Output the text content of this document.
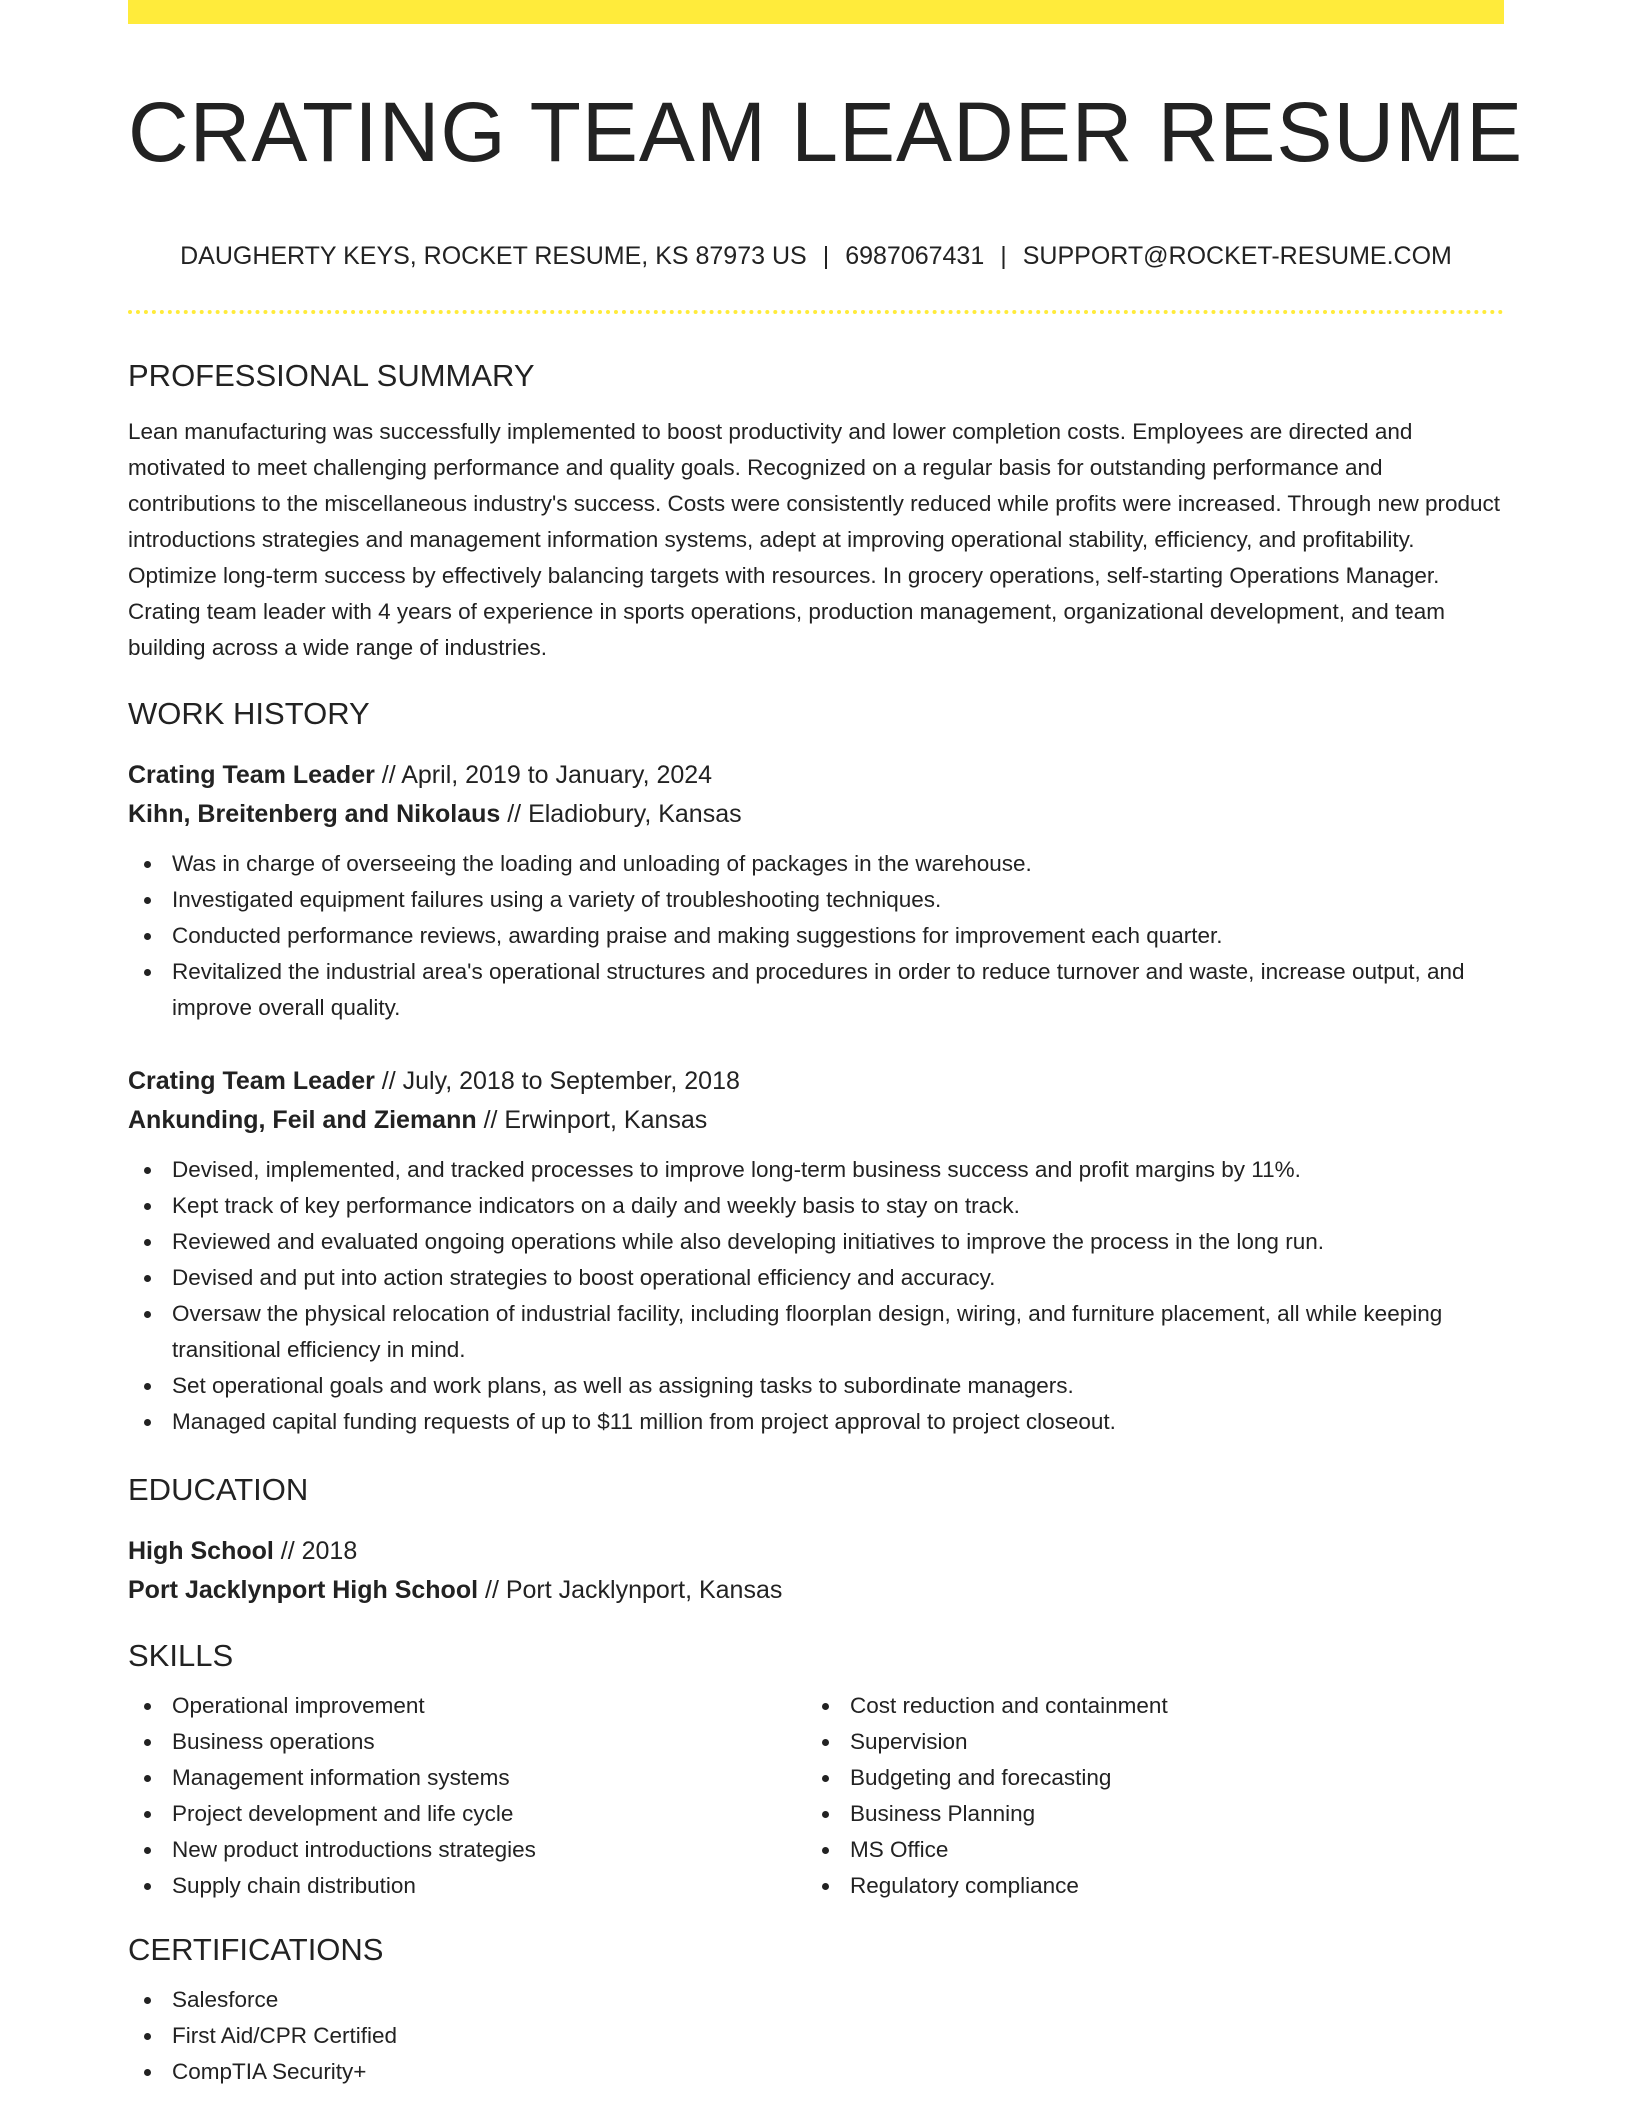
CRATING TEAM LEADER RESUME
DAUGHERTY KEYS, ROCKET RESUME, KS 87973 US | 6987067431 | SUPPORT@ROCKET-RESUME.COM
PROFESSIONAL SUMMARY

Lean manufacturing was successfully implemented to boost productivity and lower completion costs. Employees are directed and motivated to meet challenging performance and quality goals. Recognized on a regular basis for outstanding performance and contributions to the miscellaneous industry's success. Costs were consistently reduced while profits were increased. Through new product introductions strategies and management information systems, adept at improving operational stability, efficiency, and profitability. Optimize long-term success by effectively balancing targets with resources. In grocery operations, self-starting Operations Manager. Crating team leader with 4 years of experience in sports operations, production management, organizational development, and team building across a wide range of industries.

WORK HISTORY
Crating Team Leader // April, 2019 to January, 2024
Kihn, Breitenberg and Nikolaus // Eladiobury, Kansas
Was in charge of overseeing the loading and unloading of packages in the warehouse.
Investigated equipment failures using a variety of troubleshooting techniques.
Conducted performance reviews, awarding praise and making suggestions for improvement each quarter.
Revitalized the industrial area's operational structures and procedures in order to reduce turnover and waste, increase output, and improve overall quality.
Crating Team Leader // July, 2018 to September, 2018
Ankunding, Feil and Ziemann // Erwinport, Kansas
Devised, implemented, and tracked processes to improve long-term business success and profit margins by 11%.
Kept track of key performance indicators on a daily and weekly basis to stay on track.
Reviewed and evaluated ongoing operations while also developing initiatives to improve the process in the long run.
Devised and put into action strategies to boost operational efficiency and accuracy.
Oversaw the physical relocation of industrial facility, including floorplan design, wiring, and furniture placement, all while keeping transitional efficiency in mind.
Set operational goals and work plans, as well as assigning tasks to subordinate managers.
Managed capital funding requests of up to $11 million from project approval to project closeout.
EDUCATION
High School // 2018
Port Jacklynport High School // Port Jacklynport, Kansas
SKILLS
Operational improvement
Business operations
Management information systems
Project development and life cycle
New product introductions strategies
Supply chain distribution
Cost reduction and containment
Supervision
Budgeting and forecasting
Business Planning
MS Office
Regulatory compliance
CERTIFICATIONS
Salesforce
First Aid/CPR Certified
CompTIA Security+
